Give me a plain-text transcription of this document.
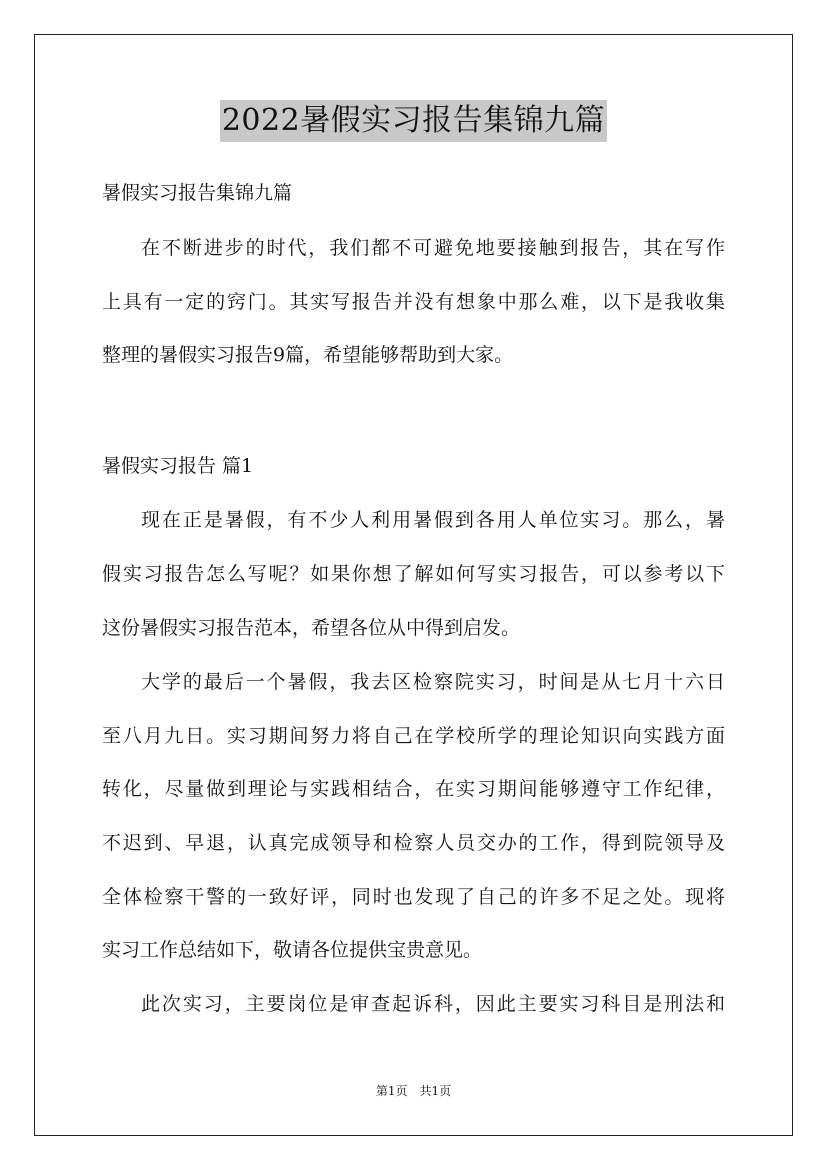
2022暑假实习报告集锦九篇
暑假实习报告集锦九篇
在不断进步的时代，我们都不可避免地要接触到报告，其在写作
上具有一定的窍门。其实写报告并没有想象中那么难，以下是我收集
整理的暑假实习报告9篇，希望能够帮助到大家。
暑假实习报告 篇1
现在正是暑假，有不少人利用暑假到各用人单位实习。那么，暑
假实习报告怎么写呢？如果你想了解如何写实习报告，可以参考以下
这份暑假实习报告范本，希望各位从中得到启发。
大学的最后一个暑假，我去区检察院实习，时间是从七月十六日
至八月九日。实习期间努力将自己在学校所学的理论知识向实践方面
转化，尽量做到理论与实践相结合，在实习期间能够遵守工作纪律，
不迟到、早退，认真完成领导和检察人员交办的工作，得到院领导及
全体检察干警的一致好评，同时也发现了自己的许多不足之处。现将
实习工作总结如下，敬请各位提供宝贵意见。
此次实习，主要岗位是审查起诉科，因此主要实习科目是刑法和
第1页　共1页
